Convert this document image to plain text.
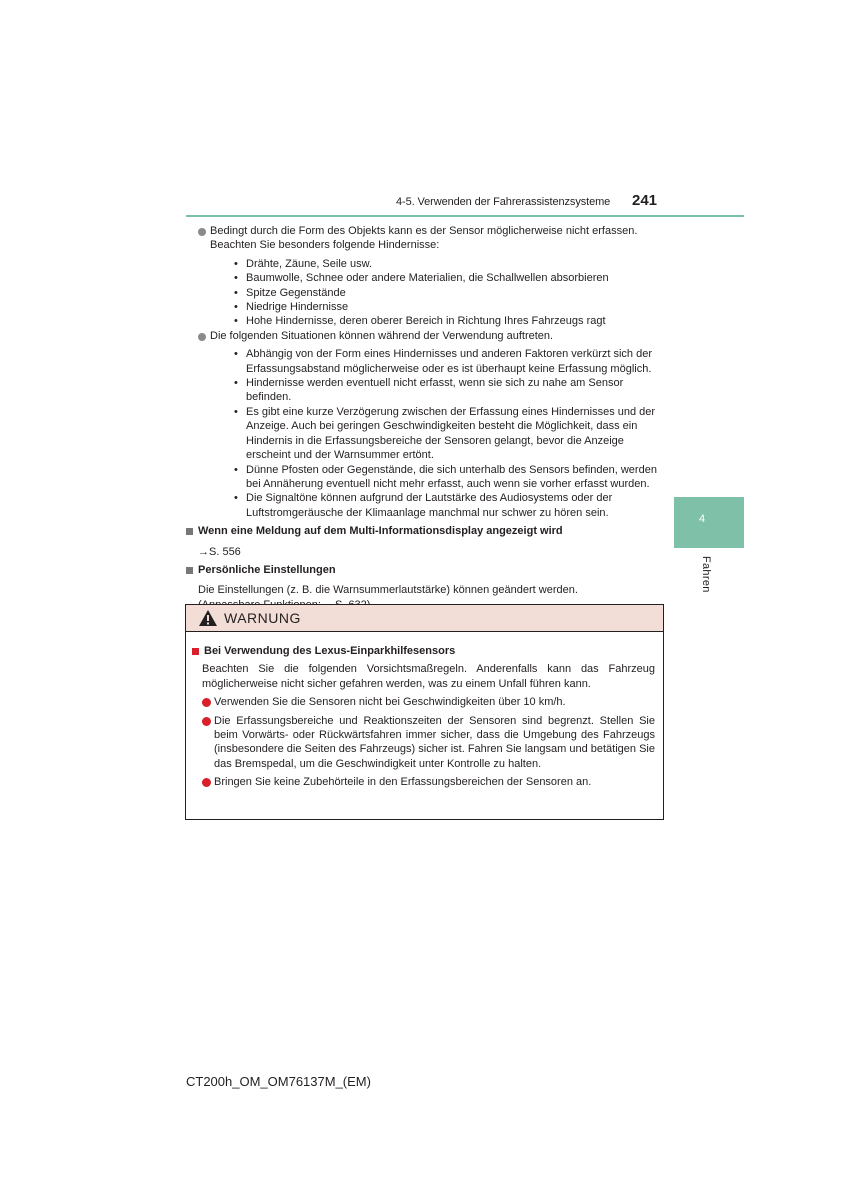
4-5. Verwenden der Fahrerassistenzsysteme 241
4
Fahren
Bedingt durch die Form des Objekts kann es der Sensor möglicherweise nicht erfassen. Beachten Sie besonders folgende Hindernisse:
• Drähte, Zäune, Seile usw.
• Baumwolle, Schnee oder andere Materialien, die Schallwellen absorbieren
• Spitze Gegenstände
• Niedrige Hindernisse
• Hohe Hindernisse, deren oberer Bereich in Richtung Ihres Fahrzeugs ragt
Die folgenden Situationen können während der Verwendung auftreten.
• Abhängig von der Form eines Hindernisses und anderen Faktoren verkürzt sich der Erfassungsabstand möglicherweise oder es ist überhaupt keine Erfassung möglich.
• Hindernisse werden eventuell nicht erfasst, wenn sie sich zu nahe am Sensor befinden.
• Es gibt eine kurze Verzögerung zwischen der Erfassung eines Hindernisses und der Anzeige. Auch bei geringen Geschwindigkeiten besteht die Möglichkeit, dass ein Hindernis in die Erfassungsbereiche der Sensoren gelangt, bevor die Anzeige erscheint und der Warnsummer ertönt.
• Dünne Pfosten oder Gegenstände, die sich unterhalb des Sensors befinden, werden bei Annäherung eventuell nicht mehr erfasst, auch wenn sie vorher erfasst wurden.
• Die Signaltöne können aufgrund der Lautstärke des Audiosystems oder der Luftstromgeräusche der Klimaanlage manchmal nur schwer zu hören sein.
Wenn eine Meldung auf dem Multi-Informationsdisplay angezeigt wird
→S. 556
Persönliche Einstellungen
Die Einstellungen (z. B. die Warnsummerlautstärke) können geändert werden.
WARNUNG
Bei Verwendung des Lexus-Einparkhilfesensors
Beachten Sie die folgenden Vorsichtsmaßregeln. Anderenfalls kann das Fahrzeug möglicherweise nicht sicher gefahren werden, was zu einem Unfall führen kann.
Verwenden Sie die Sensoren nicht bei Geschwindigkeiten über 10 km/h.
Die Erfassungsbereiche und Reaktionszeiten der Sensoren sind begrenzt. Stellen Sie beim Vorwärts- oder Rückwärtsfahren immer sicher, dass die Umgebung des Fahrzeugs (insbesondere die Seiten des Fahrzeugs) sicher ist. Fahren Sie langsam und betätigen Sie das Bremspedal, um die Geschwindigkeit unter Kontrolle zu halten.
Bringen Sie keine Zubehörteile in den Erfassungsbereichen der Sensoren an.
CT200h_OM_OM76137M_(EM)
